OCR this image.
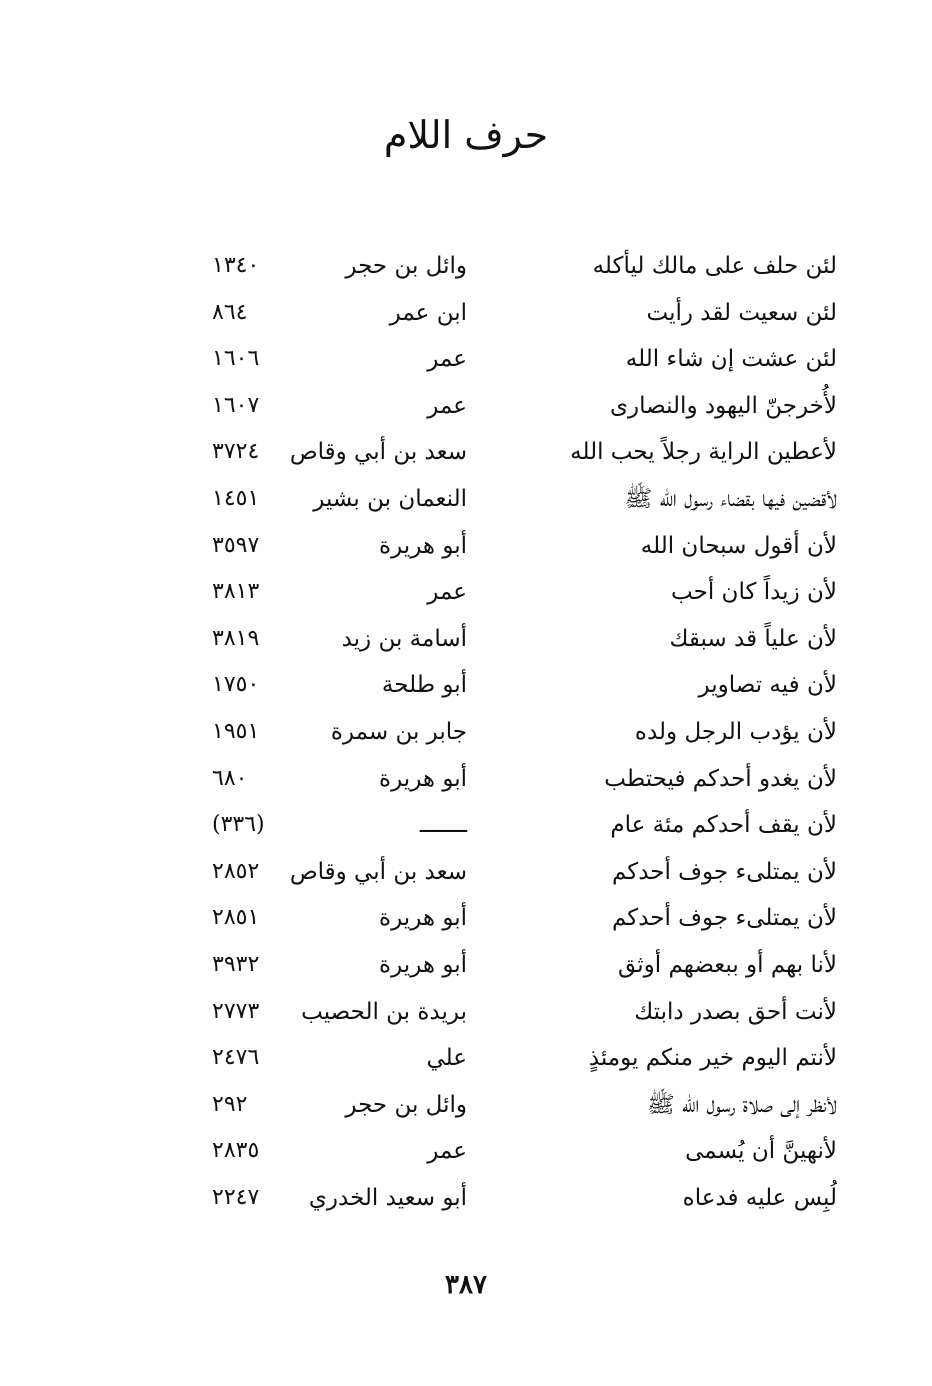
حرف اللام
لئن حلف على مالك ليأكله
وائل بن حجر
١٣٤٠
لئن سعيت لقد رأيت
ابن عمر
٨٦٤
لئن عشت إن شاء الله
عمر
١٦٠٦
لأُخرجنّ اليهود والنصارى
عمر
١٦٠٧
لأعطين الراية رجلاً يحب الله
سعد بن أبي وقاص
٣٧٢٤
لأقضين فيها بقضاء رسول الله ﷺ
النعمان بن بشير
١٤٥١
لأن أقول سبحان الله
أبو هريرة
٣٥٩٧
لأن زيداً كان أحب
عمر
٣٨١٣
لأن علياً قد سبقك
أسامة بن زيد
٣٨١٩
لأن فيه تصاوير
أبو طلحة
١٧٥٠
لأن يؤدب الرجل ولده
جابر بن سمرة
١٩٥١
لأن يغدو أحدكم فيحتطب
أبو هريرة
٦٨٠
لأن يقف أحدكم مئة عام
ـــــــ
(٣٣٦)
لأن يمتلىء جوف أحدكم
سعد بن أبي وقاص
٢٨٥٢
لأن يمتلىء جوف أحدكم
أبو هريرة
٢٨٥١
لأنا بهم أو ببعضهم أوثق
أبو هريرة
٣٩٣٢
لأنت أحق بصدر دابتك
بريدة بن الحصيب
٢٧٧٣
لأنتم اليوم خير منكم يومئذٍ
علي
٢٤٧٦
لأنظر إلى صلاة رسول الله ﷺ
وائل بن حجر
٢٩٢
لأنهينَّ أن يُسمى
عمر
٢٨٣٥
لُبِس عليه فدعاه
أبو سعيد الخدري
٢٢٤٧
٣٨٧
